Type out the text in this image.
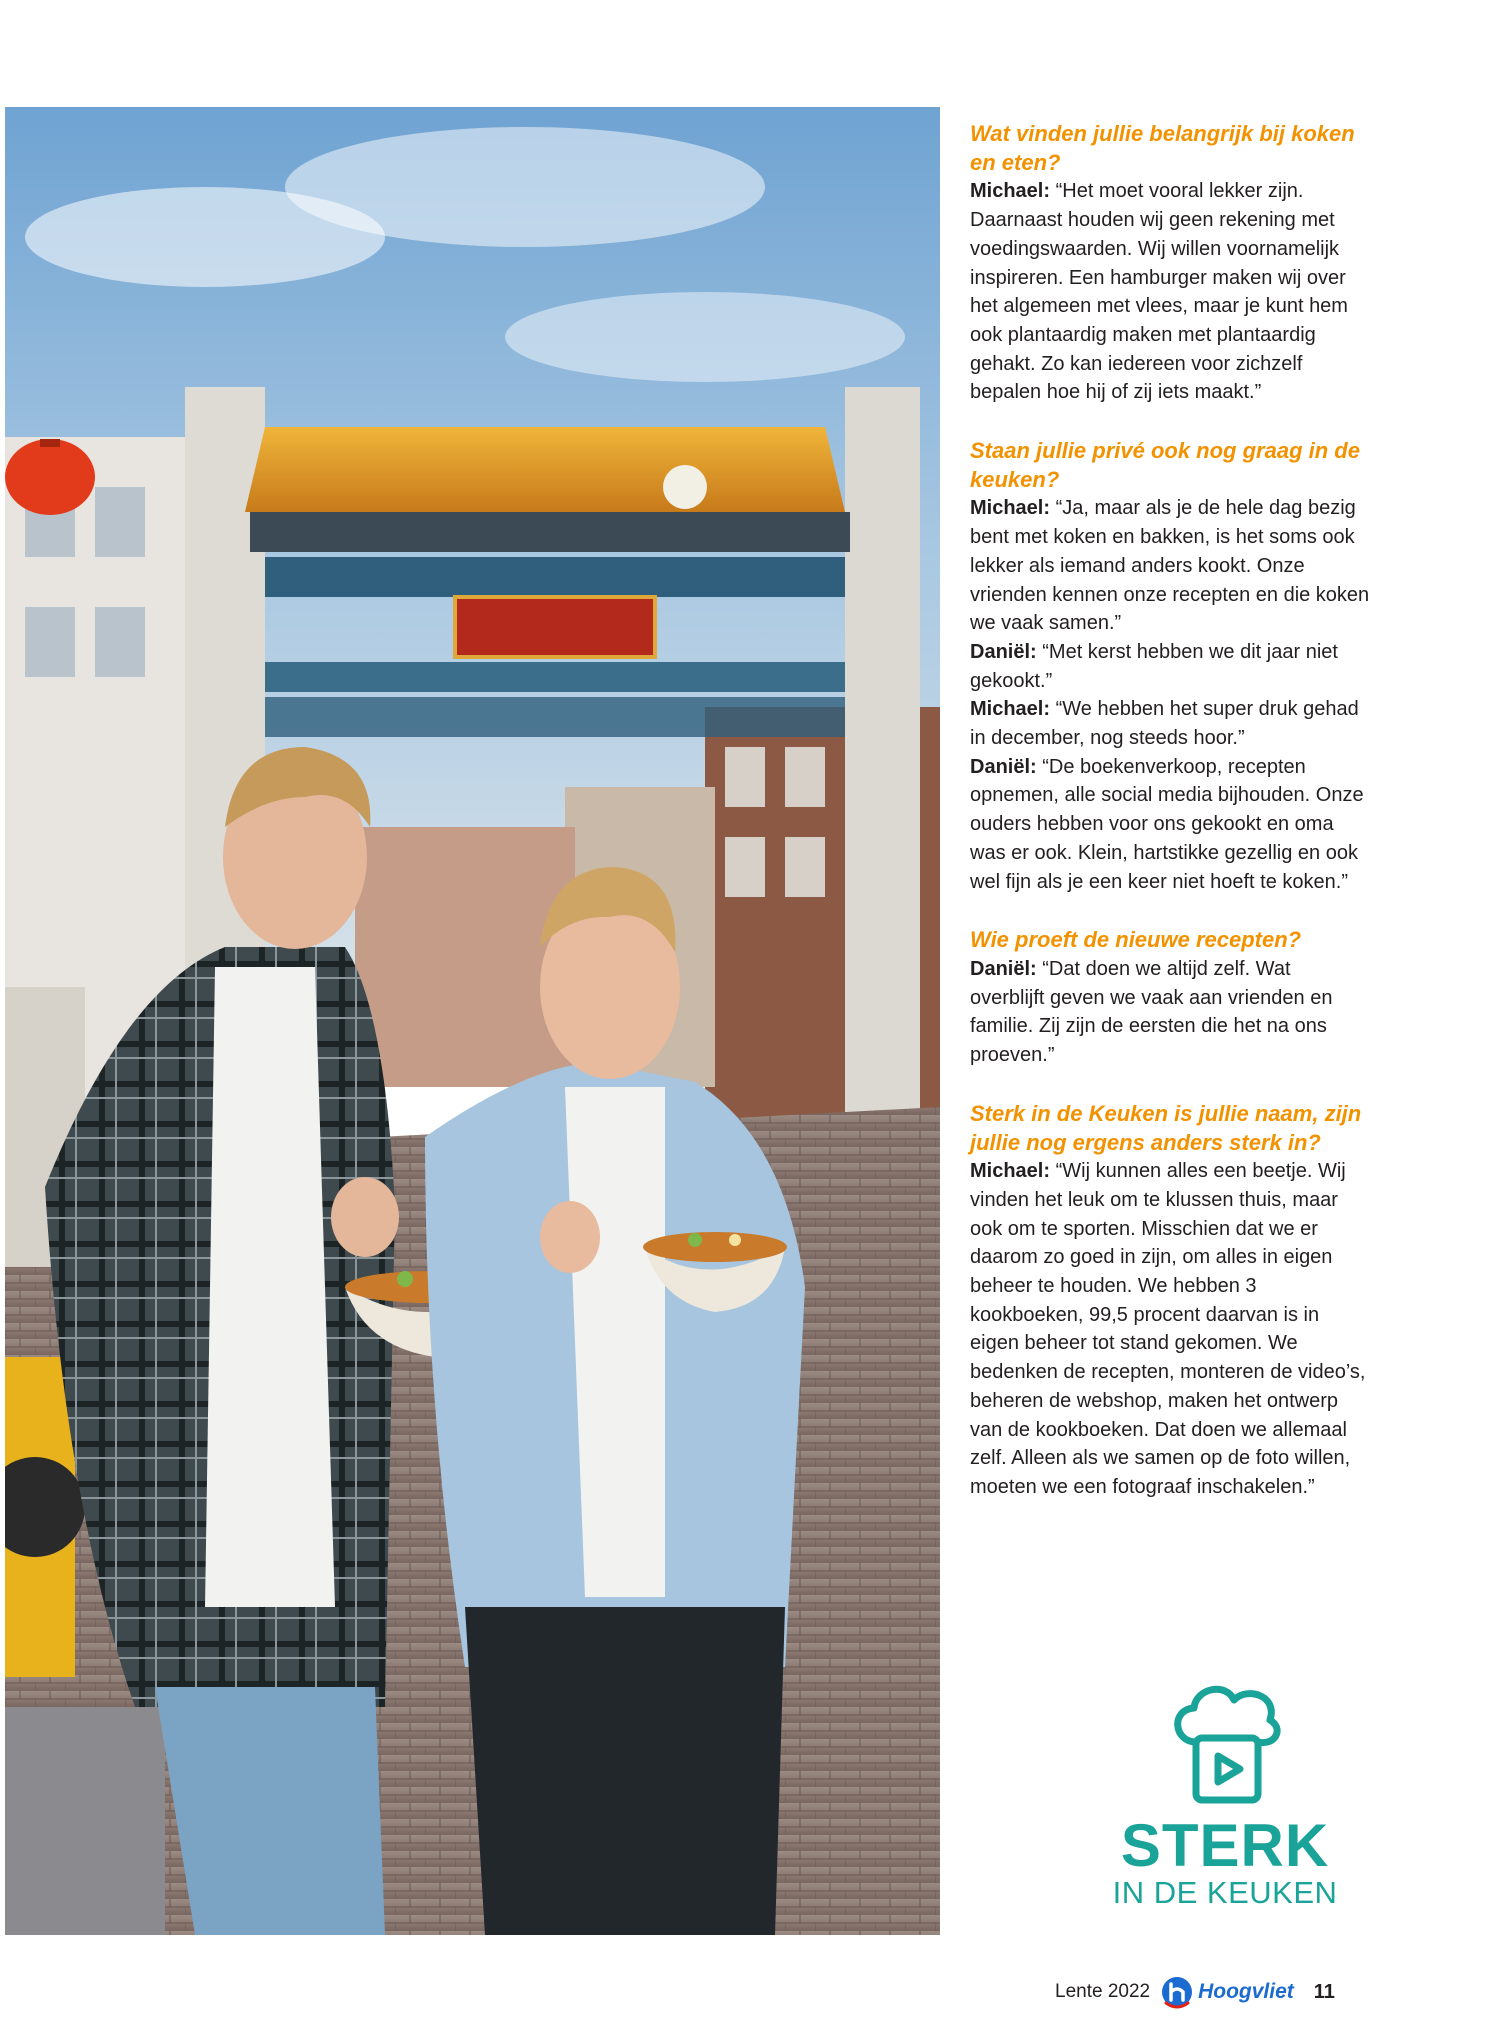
Wat vinden jullie belangrijk bij koken en eten?

Michael: “Het moet vooral lekker zijn. Daarnaast houden wij geen rekening met voedingswaarden. Wij willen voornamelijk inspireren. Een hamburger maken wij over het algemeen met vlees, maar je kunt hem ook plantaardig maken met plantaardig gehakt. Zo kan iedereen voor zichzelf bepalen hoe hij of zij iets maakt.”

Staan jullie privé ook nog graag in de keuken?

Michael: “Ja, maar als je de hele dag bezig bent met koken en bakken, is het soms ook lekker als iemand anders kookt. Onze vrienden kennen onze recepten en die koken we vaak samen.”

Daniël: “Met kerst hebben we dit jaar niet gekookt.”

Michael: “We hebben het super druk gehad in december, nog steeds hoor.”

Daniël: “De boekenverkoop, recepten opnemen, alle social media bijhouden. Onze ouders hebben voor ons gekookt en oma was er ook. Klein, hartstikke gezellig en ook wel fijn als je een keer niet hoeft te koken.”

Wie proeft de nieuwe recepten?

Daniël: “Dat doen we altijd zelf. Wat overblijft geven we vaak aan vrienden en familie. Zij zijn de eersten die het na ons proeven.”

Sterk in de Keuken is jullie naam, zijn jullie nog ergens anders sterk in?

Michael: “Wij kunnen alles een beetje. Wij vinden het leuk om te klussen thuis, maar ook om te sporten. Misschien dat we er daarom zo goed in zijn, om alles in eigen beheer te houden. We hebben 3 kookboeken, 99,5 procent daarvan is in eigen beheer tot stand gekomen. We bedenken de recepten, monteren de video’s, beheren de webshop, maken het ontwerp van de kookboeken. Dat doen we allemaal zelf. Alleen als we samen op de foto willen, moeten we een fotograaf inschakelen.”

STERK
IN DE KEUKEN
Lente 2022 Hoogvliet 11
